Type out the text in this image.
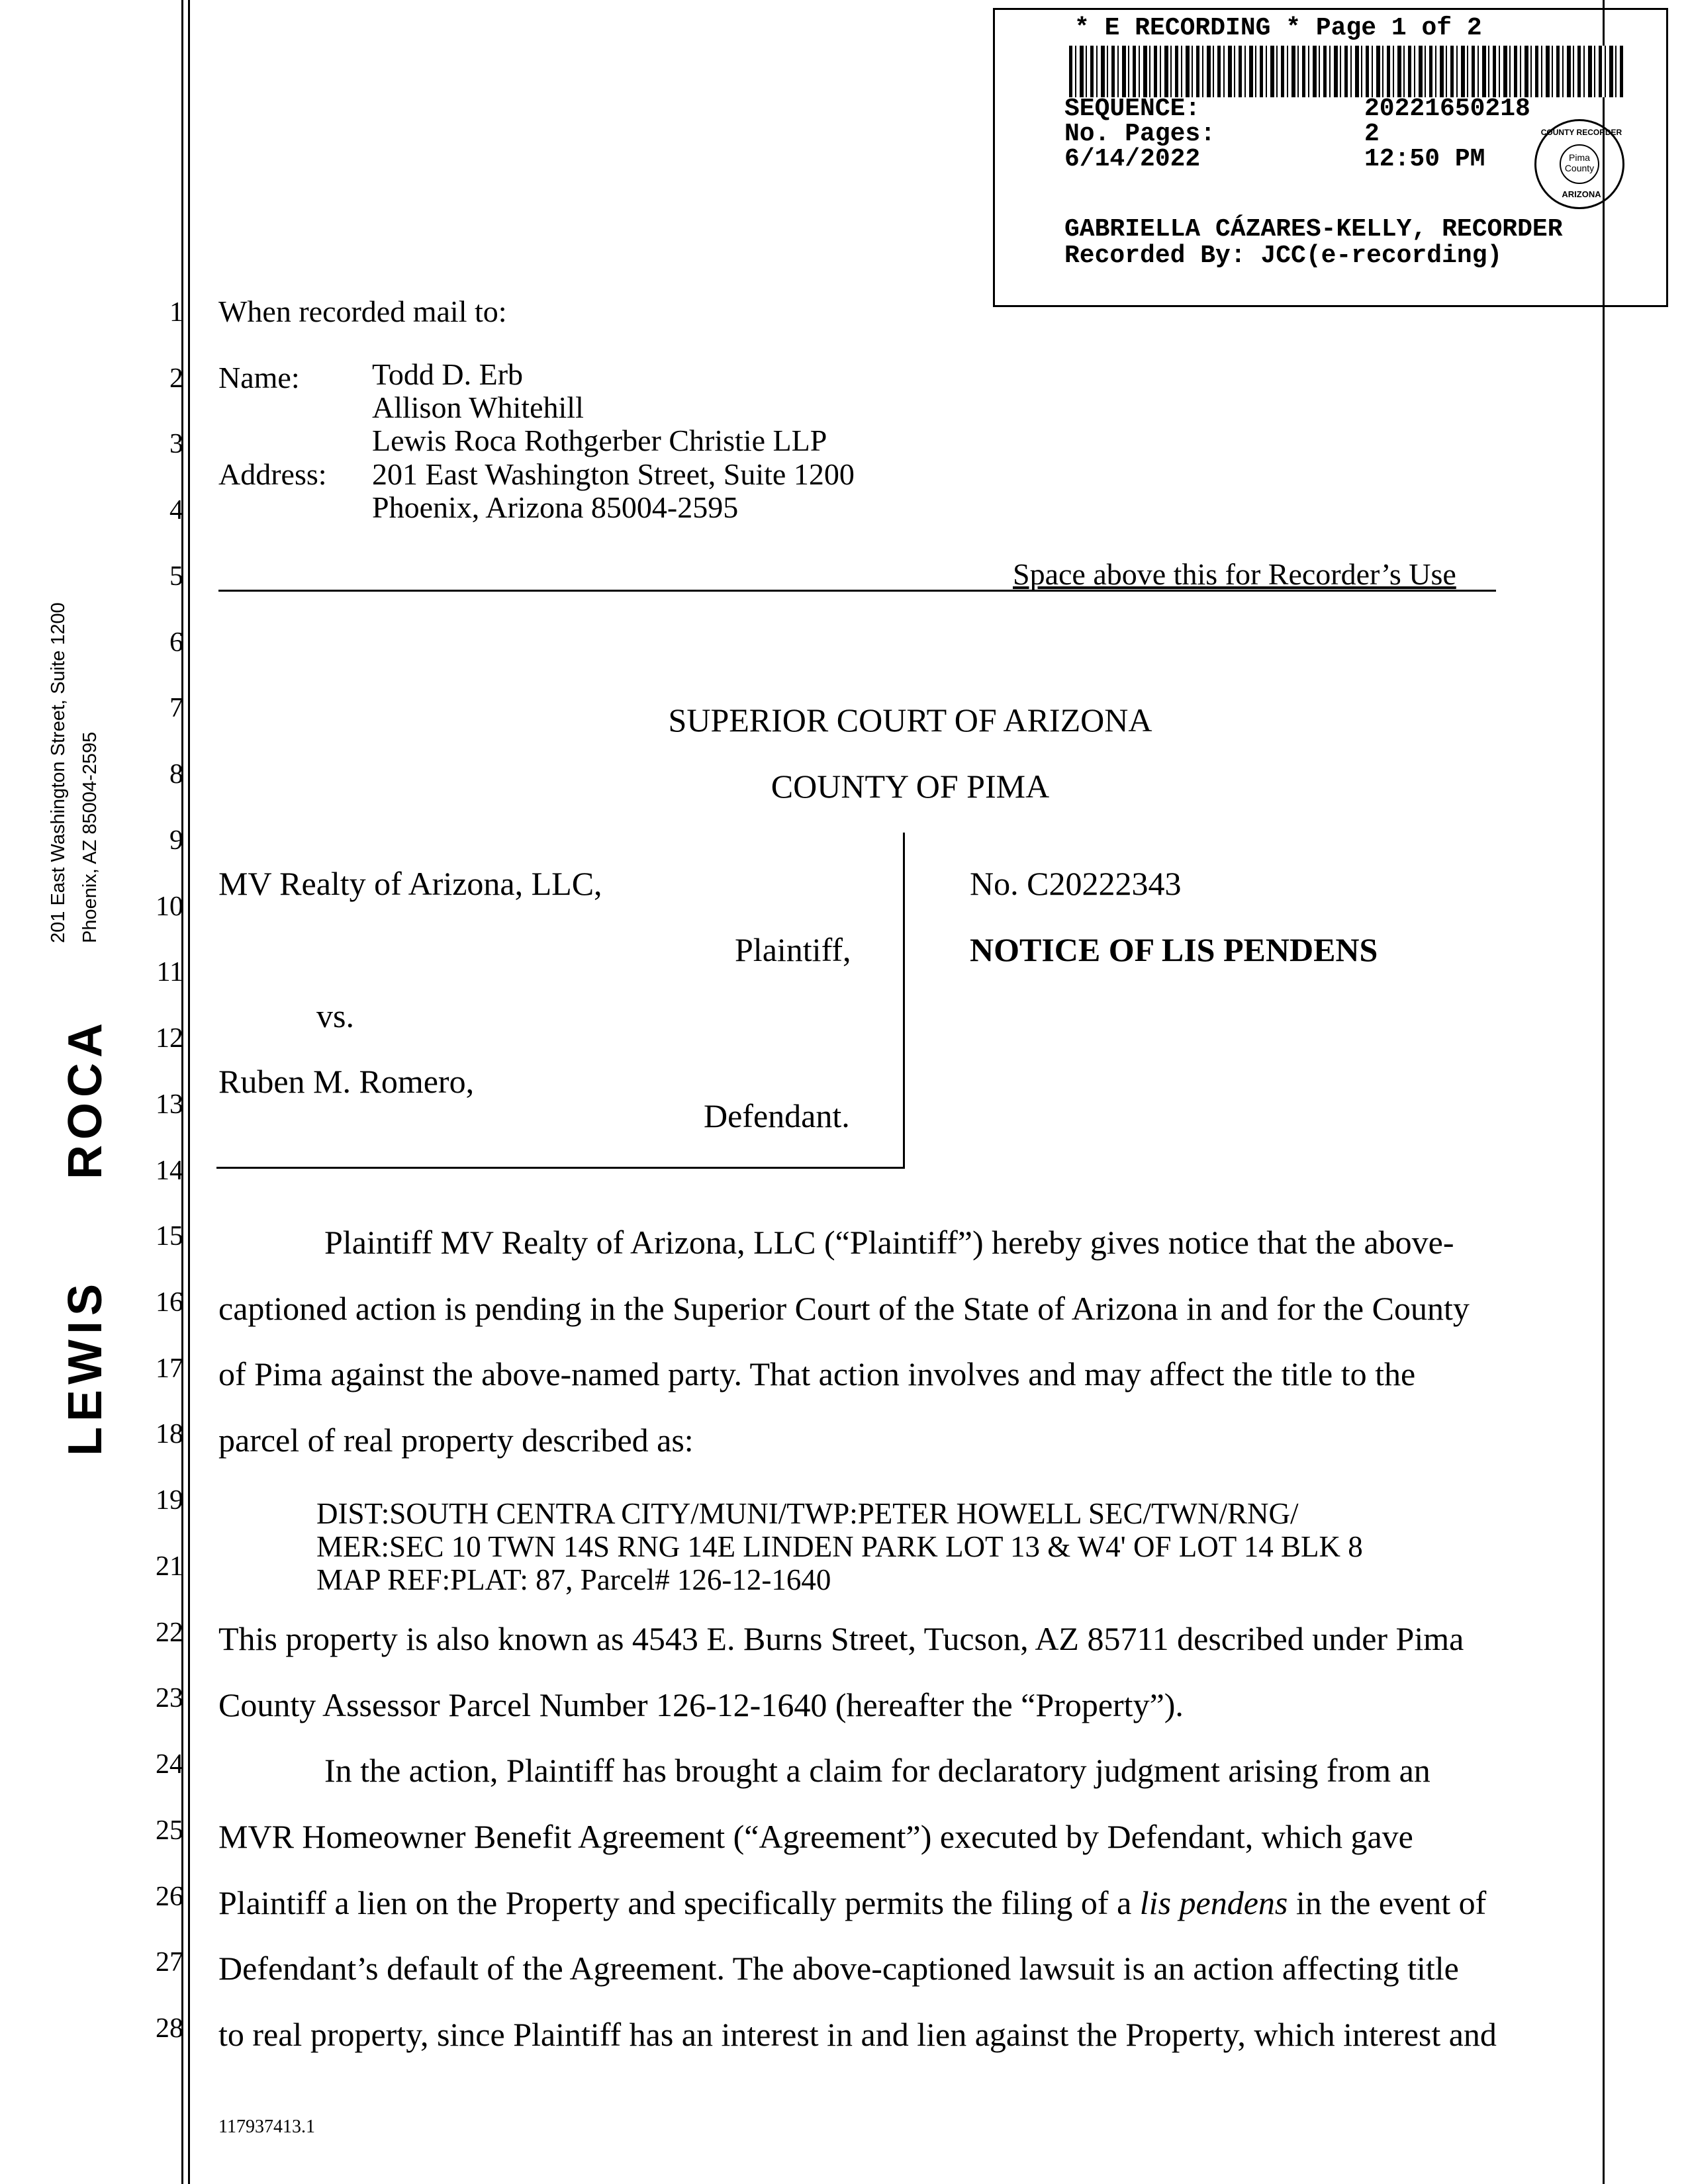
LEWISROCA
201 East Washington Street, Suite 1200 Phoenix, AZ 85004-2595
* E RECORDING * Page 1 of 2
SEQUENCE:	20221650218
No. Pages:	2
6/14/2022	12:50 PM
COUNTY RECORDER
Pima County
ARIZONA
GABRIELLA CÁZARES-KELLY, RECORDER
Recorded By: JCC(e-recording)
1
2
3
4
5
6
7
8
9
10
11
12
13
14
15
16
17
18
19
21
22
23
24
25
26
27
28
When recorded mail to:
Name: Todd D. Erb
Allison Whitehill
Lewis Roca Rothgerber Christie LLP
Address: 201 East Washington Street, Suite 1200
Phoenix, Arizona 85004-2595
Space above this for Recorder’s Use
SUPERIOR COURT OF ARIZONA
COUNTY OF PIMA
MV Realty of Arizona, LLC,
Plaintiff,
vs.
Ruben M. Romero,
Defendant.
No. C20222343
NOTICE OF LIS PENDENS
Plaintiff MV Realty of Arizona, LLC (“Plaintiff”) hereby gives notice that the above-
captioned action is pending in the Superior Court of the State of Arizona in and for the County
of Pima against the above-named party. That action involves and may affect the title to the
parcel of real property described as:
DIST:SOUTH CENTRA CITY/MUNI/TWP:PETER HOWELL SEC/TWN/RNG/
MER:SEC 10 TWN 14S RNG 14E LINDEN PARK LOT 13 & W4' OF LOT 14 BLK 8
MAP REF:PLAT: 87, Parcel# 126-12-1640
This property is also known as 4543 E. Burns Street, Tucson, AZ 85711 described under Pima
County Assessor Parcel Number 126-12-1640 (hereafter the “Property”).
In the action, Plaintiff has brought a claim for declaratory judgment arising from an
MVR Homeowner Benefit Agreement (“Agreement”) executed by Defendant, which gave
Plaintiff a lien on the Property and specifically permits the filing of a lis pendens in the event of
Defendant’s default of the Agreement. The above-captioned lawsuit is an action affecting title
to real property, since Plaintiff has an interest in and lien against the Property, which interest and
117937413.1
